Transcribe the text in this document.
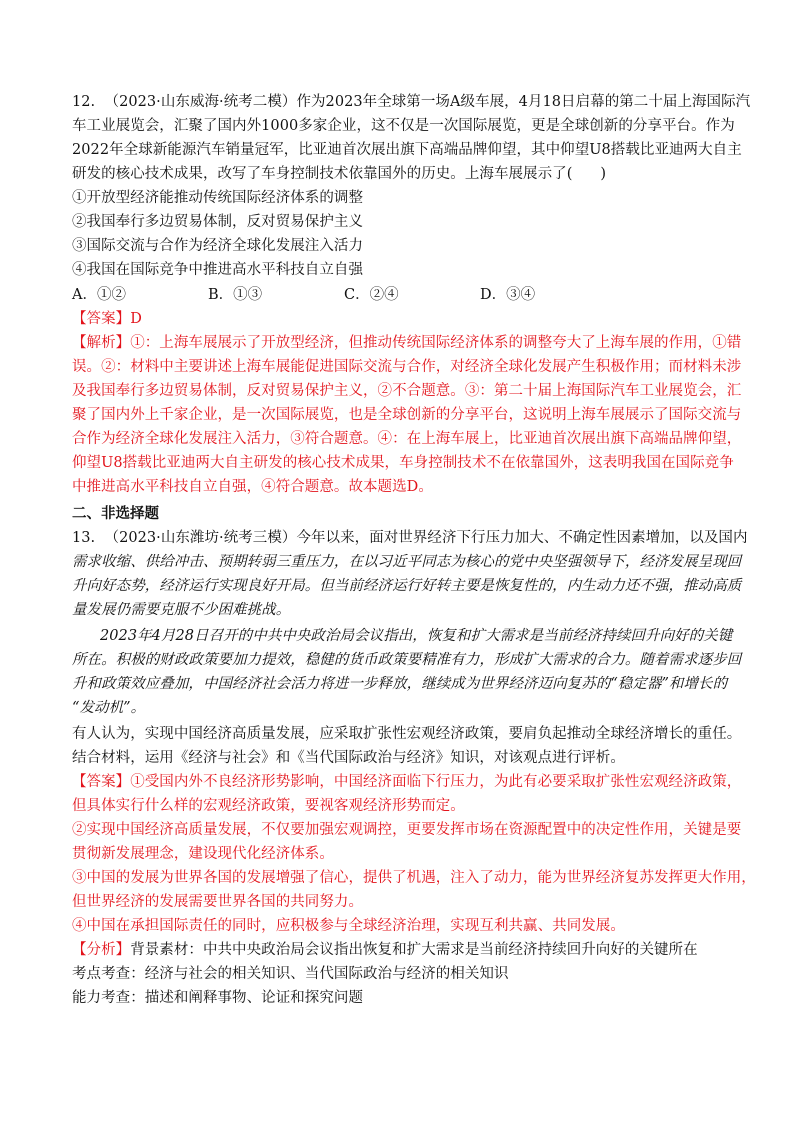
12.  （2023·山东威海·统考二模）作为2023年全球第一场A级车展，4月18日启幕的第二十届上海国际汽
车工业展览会，汇聚了国内外1000多家企业，这不仅是一次国际展览，更是全球创新的分享平台。作为
2022年全球新能源汽车销量冠军，比亚迪首次展出旗下高端品牌仰望，其中仰望U8搭载比亚迪两大自主
研发的核心技术成果，改写了车身控制技术依靠国外的历史。上海车展展示了(      )
①开放型经济能推动传统国际经济体系的调整
②我国奉行多边贸易体制，反对贸易保护主义
③国际交流与合作为经济全球化发展注入活力
④我国在国际竞争中推进高水平科技自立自强
A．①②	B．①③	C．②④	D．③④
【答案】D
【解析】①：上海车展展示了开放型经济，但推动传统国际经济体系的调整夸大了上海车展的作用，①错
误。②：材料中主要讲述上海车展能促进国际交流与合作，对经济全球化发展产生积极作用；而材料未涉
及我国奉行多边贸易体制，反对贸易保护主义，②不合题意。③：第二十届上海国际汽车工业展览会，汇
聚了国内外上千家企业，是一次国际展览，也是全球创新的分享平台，这说明上海车展展示了国际交流与
合作为经济全球化发展注入活力，③符合题意。④：在上海车展上，比亚迪首次展出旗下高端品牌仰望，
仰望U8搭载比亚迪两大自主研发的核心技术成果，车身控制技术不在依靠国外，这表明我国在国际竞争
中推进高水平科技自立自强，④符合题意。故本题选D。
二、非选择题
13.  （2023·山东潍坊·统考三模）今年以来，面对世界经济下行压力加大、不确定性因素增加，以及国内
需求收缩、供给冲击、预期转弱三重压力，在以习近平同志为核心的党中央坚强领导下，经济发展呈现回
升向好态势，经济运行实现良好开局。但当前经济运行好转主要是恢复性的，内生动力还不强，推动高质
量发展仍需要克服不少困难挑战。
2023年4月28日召开的中共中央政治局会议指出，恢复和扩大需求是当前经济持续回升向好的关键
所在。积极的财政政策要加力提效，稳健的货币政策要精准有力，形成扩大需求的合力。随着需求逐步回
升和政策效应叠加，中国经济社会活力将进一步释放，继续成为世界经济迈向复苏的“稳定器”和增长的
“发动机”。
有人认为，实现中国经济高质量发展，应采取扩张性宏观经济政策，要肩负起推动全球经济增长的重任。
结合材料，运用《经济与社会》和《当代国际政治与经济》知识，对该观点进行评析。
【答案】①受国内外不良经济形势影响，中国经济面临下行压力，为此有必要采取扩张性宏观经济政策，
但具体实行什么样的宏观经济政策，要视客观经济形势而定。
②实现中国经济高质量发展，不仅要加强宏观调控，更要发挥市场在资源配置中的决定性作用，关键是要
贯彻新发展理念，建设现代化经济体系。
③中国的发展为世界各国的发展增强了信心，提供了机遇，注入了动力，能为世界经济复苏发挥更大作用，
但世界经济的发展需要世界各国的共同努力。
④中国在承担国际责任的同时，应积极参与全球经济治理，实现互利共赢、共同发展。
【分析】背景素材：中共中央政治局会议指出恢复和扩大需求是当前经济持续回升向好的关键所在
考点考查：经济与社会的相关知识、当代国际政治与经济的相关知识
能力考查：描述和阐释事物、论证和探究问题
